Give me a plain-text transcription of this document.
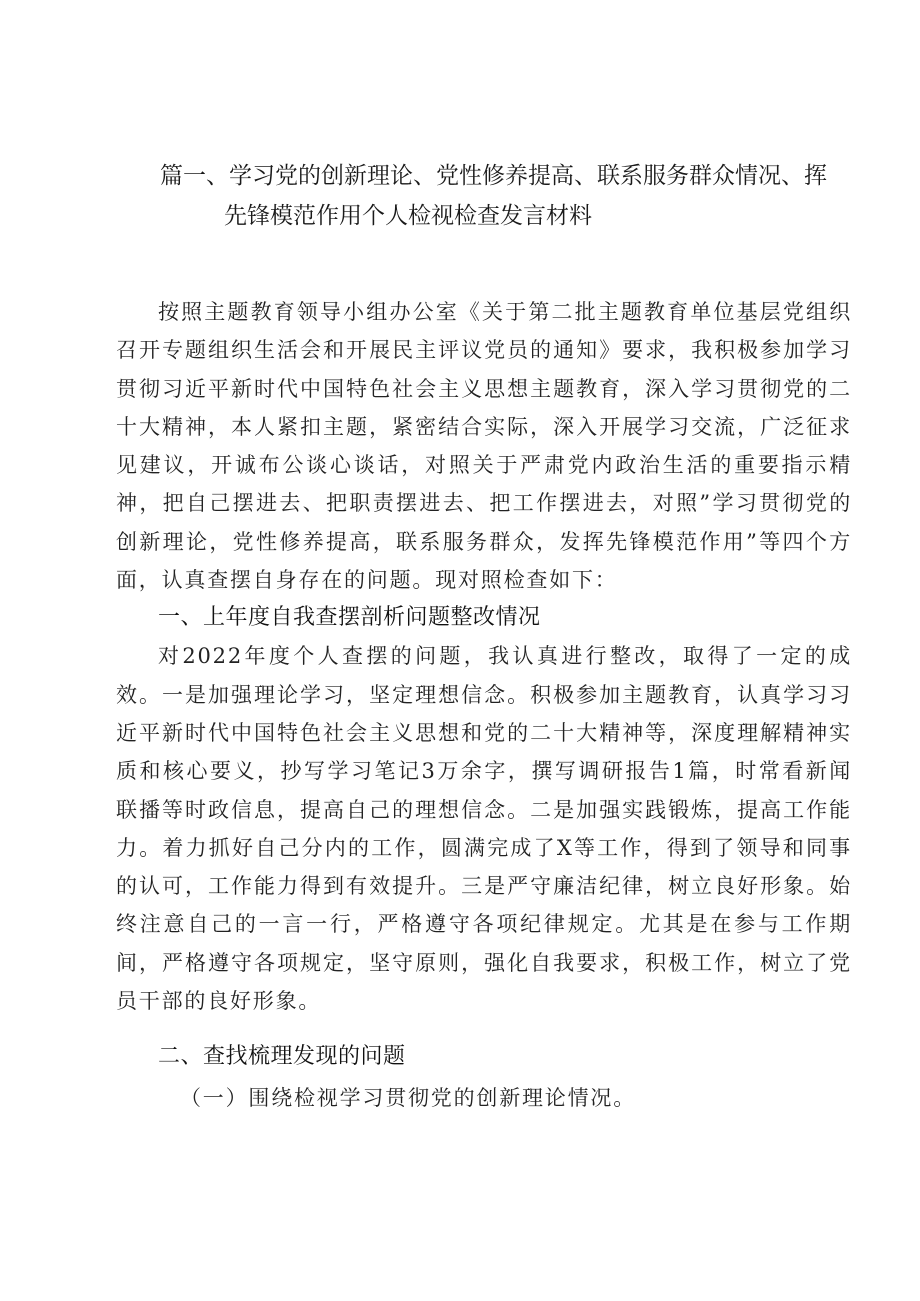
篇一、学习党的创新理论、党性修养提高、联系服务群众情况、挥
先锋模范作用个人检视检查发言材料

按照主题教育领导小组办公室《关于第二批主题教育单位基层党组织召开专题组织生活会和开展民主评议党员的通知》要求，我积极参加学习贯彻习近平新时代中国特色社会主义思想主题教育，深入学习贯彻党的二十大精神，本人紧扣主题，紧密结合实际，深入开展学习交流，广泛征求见建议，开诚布公谈心谈话，对照关于严肃党内政治生活的重要指示精神，把自己摆进去、把职责摆进去、把工作摆进去，对照”学习贯彻党的创新理论，党性修养提高，联系服务群众，发挥先锋模范作用”等四个方面，认真查摆自身存在的问题。现对照检查如下：

一、上年度自我查摆剖析问题整改情况

对2022年度个人查摆的问题，我认真进行整改，取得了一定的成效。一是加强理论学习，坚定理想信念。积极参加主题教育，认真学习习近平新时代中国特色社会主义思想和党的二十大精神等，深度理解精神实质和核心要义，抄写学习笔记3万余字，撰写调研报告1篇，时常看新闻联播等时政信息，提高自己的理想信念。二是加强实践锻炼，提高工作能力。着力抓好自己分内的工作，圆满完成了X等工作，得到了领导和同事的认可，工作能力得到有效提升。三是严守廉洁纪律，树立良好形象。始终注意自己的一言一行，严格遵守各项纪律规定。尤其是在参与工作期间，严格遵守各项规定，坚守原则，强化自我要求，积极工作，树立了党员干部的良好形象。

二、查找梳理发现的问题

（一）围绕检视学习贯彻党的创新理论情况。
